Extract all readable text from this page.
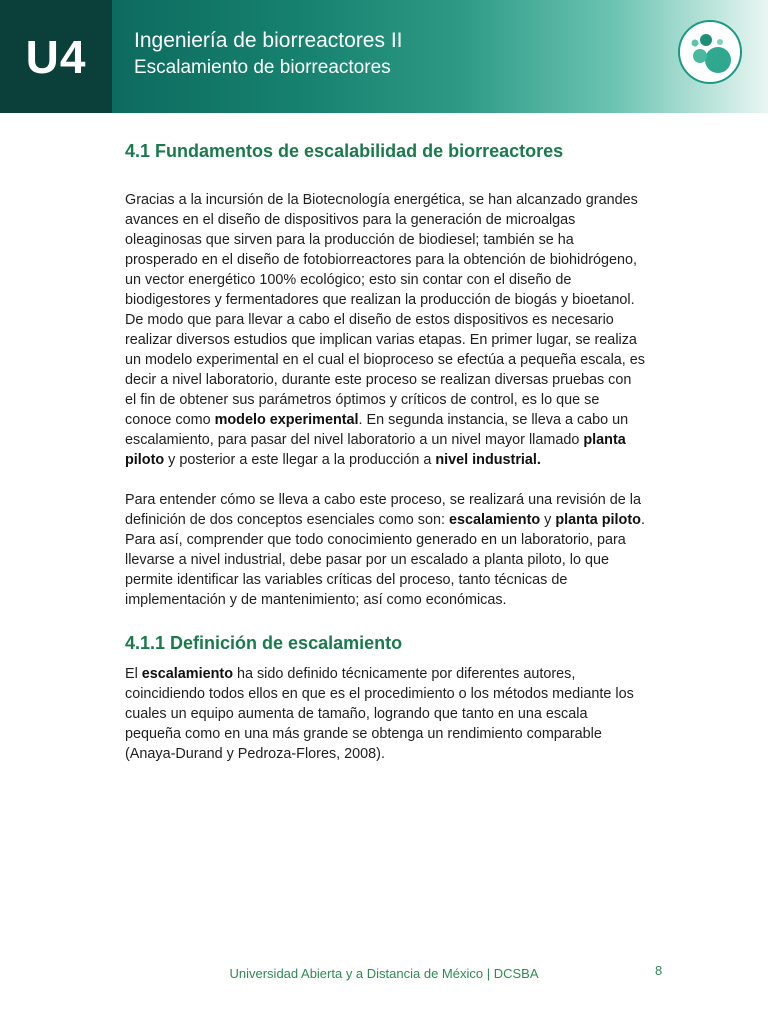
U4 Ingeniería de biorreactores II
Escalamiento de biorreactores
4.1 Fundamentos de escalabilidad de biorreactores

Gracias a la incursión de la Biotecnología energética, se han alcanzado grandes avances en el diseño de dispositivos para la generación de microalgas oleaginosas que sirven para la producción de biodiesel; también se ha prosperado en el diseño de fotobiorreactores para la obtención de biohidrógeno, un vector energético 100% ecológico; esto sin contar con el diseño de biodigestores y fermentadores que realizan la producción de biogás y bioetanol. De modo que para llevar a cabo el diseño de estos dispositivos es necesario realizar diversos estudios que implican varias etapas. En primer lugar, se realiza un modelo experimental en el cual el bioproceso se efectúa a pequeña escala, es decir a nivel laboratorio, durante este proceso se realizan diversas pruebas con el fin de obtener sus parámetros óptimos y críticos de control, es lo que se conoce como modelo experimental. En segunda instancia, se lleva a cabo un escalamiento, para pasar del nivel laboratorio a un nivel mayor llamado planta piloto y posterior a este llegar a la producción a nivel industrial.

Para entender cómo se lleva a cabo este proceso, se realizará una revisión de la definición de dos conceptos esenciales como son: escalamiento y planta piloto. Para así, comprender que todo conocimiento generado en un laboratorio, para llevarse a nivel industrial, debe pasar por un escalado a planta piloto, lo que permite identificar las variables críticas del proceso, tanto técnicas de implementación y de mantenimiento; así como económicas.

4.1.1 Definición de escalamiento

El escalamiento ha sido definido técnicamente por diferentes autores, coincidiendo todos ellos en que es el procedimiento o los métodos mediante los cuales un equipo aumenta de tamaño, logrando que tanto en una escala pequeña como en una más grande se obtenga un rendimiento comparable (Anaya-Durand y Pedroza-Flores, 2008).

Universidad Abierta y a Distancia de México | DCSBA	8
